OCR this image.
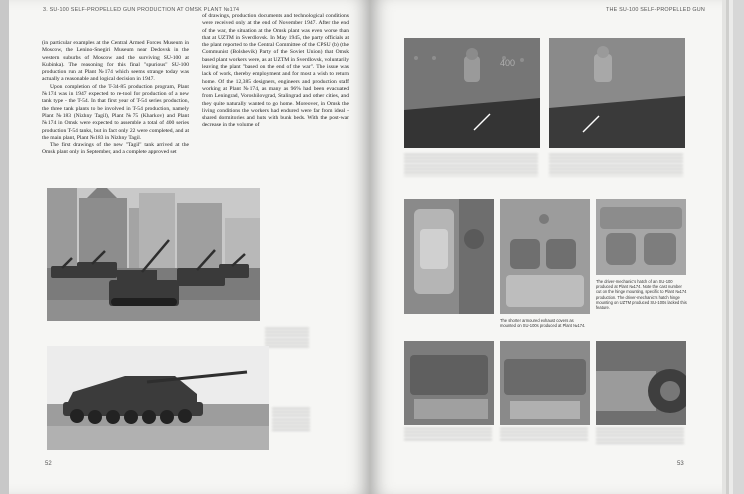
3. SU-100 SELF-PROPELLED GUN PRODUCTION AT OMSK PLANT №174

(in particular examples at the Central Armed Forces Museum in Moscow, the Lenino-Snegiri Museum near Dedovsk in the western suburbs of Moscow and the surviving SU-100 at Kubinka). The reasoning for this final "spurious" SU-100 production run at Plant №174 which seems strange today was actually a reasonable and logical decision in 1947.

Upon completion of the T-34-85 production program, Plant №174 was in 1947 expected to re-tool for production of a new tank type - the T-54. In that first year of T-54 series production, the three tank plants to be involved in T-54 production, namely Plant №183 (Nizhny Tagil), Plant №75 (Kharkov) and Plant №174 in Omsk were expected to assemble a total of 400 series production T-54 tanks, but in fact only 22 were completed, and at the main plant, Plant №183 in Nizhny Tagil.

The first drawings of the new "Tagil" tank arrived at the Omsk plant only in September, and a complete approved set

of drawings, production documents and technological conditions were received only at the end of November 1947. After the end of the war, the situation at the Omsk plant was even worse than that at UZTM in Sverdlovsk. In May 1945, the party officials at the plant reported to the Central Committee of the CPSU (b) (the Communist (Bolshevik) Party of the Soviet Union) that Omsk based plant workers were, as at UZTM in Sverdlovsk, voluntarily leaving the plant "based on the end of the war". The issue was lack of work, thereby employment and for most a wish to return home. Of the 12,385 designers, engineers and production staff working at Plant №174, as many as 96% had been evacuated from Leningrad, Voroshilovgrad, Stalingrad and other cities, and they quite naturally wanted to go home. Moreover, in Omsk the living conditions the workers had endured were far from ideal - shared dormitories and huts with bunk beds. With the post-war decrease in the volume of

52
THE SU-100 SELF-PROPELLED GUN
400

The shorter armoured exhaust covers as mounted on SU-100s produced at Plant №174.

The driver-mechanic's hatch of an SU-100 produced at Plant №174. Note the cast number cut on the hinge mounting, specific to Plant №174 production. The driver-mechanic's hatch hinge mounting on UZTM produced SU-100s lacked this feature.

53
